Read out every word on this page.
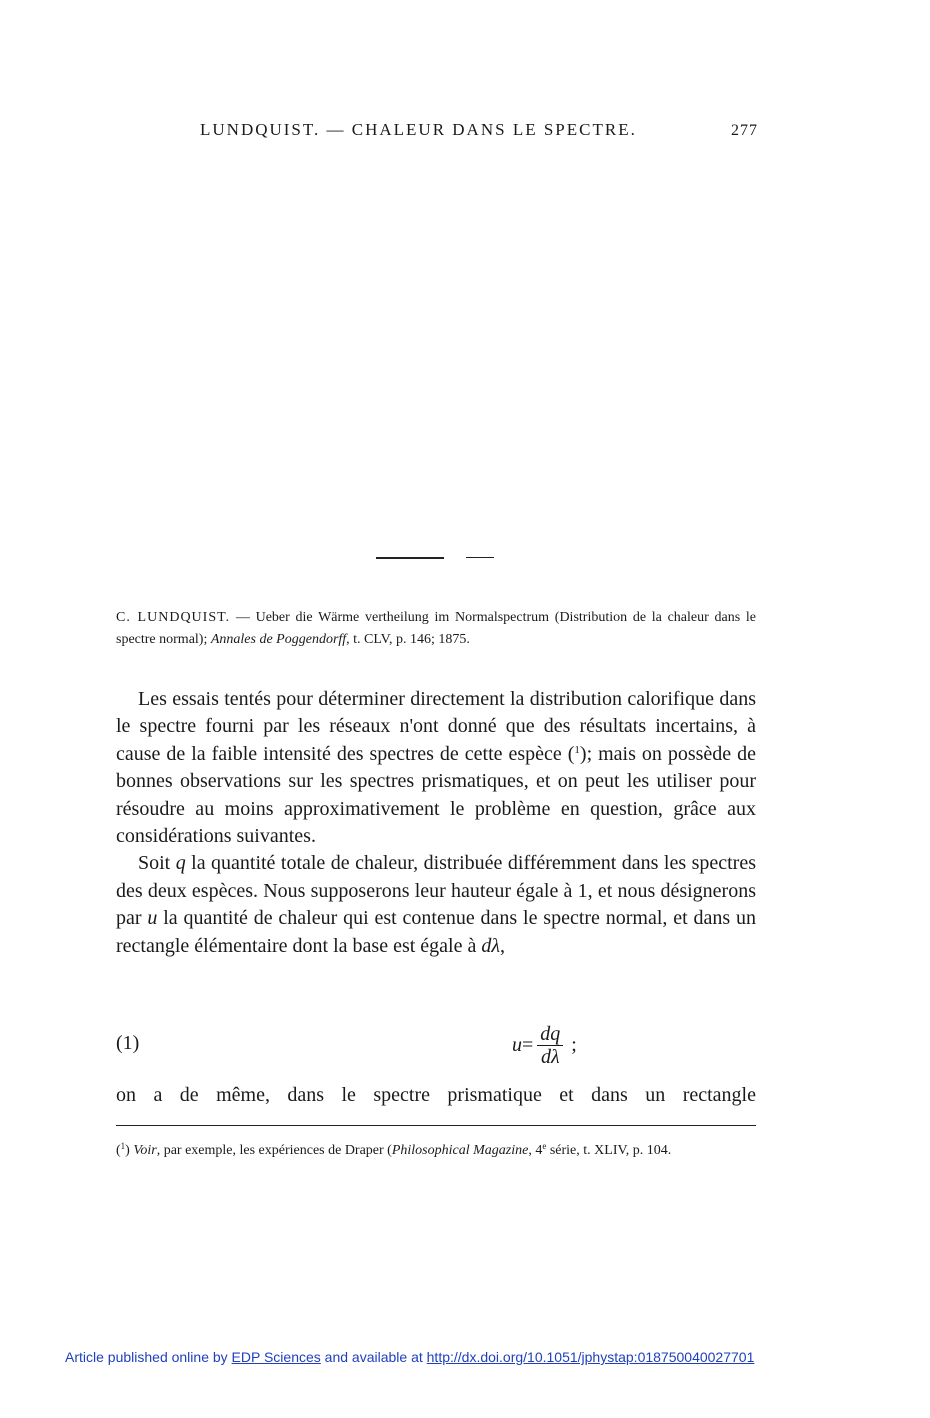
LUNDQUIST. — CHALEUR DANS LE SPECTRE.	277

C. LUNDQUIST. — Ueber die Wärme vertheilung im Normalspectrum (Distribution de la chaleur dans le spectre normal); Annales de Poggendorff, t. CLV, p. 146; 1875.

Les essais tentés pour déterminer directement la distribution calorifique dans le spectre fourni par les réseaux n'ont donné que des résultats incertains, à cause de la faible intensité des spectres de cette espèce ($^1$); mais on possède de bonnes observations sur les spectres prismatiques, et on peut les utiliser pour résoudre au moins approximativement le problème en question, grâce aux considérations suivantes.

Soit q la quantité totale de chaleur, distribuée différemment dans les spectres des deux espèces. Nous supposerons leur hauteur égale à 1, et nous désignerons par u la quantité de chaleur qui est contenue dans le spectre normal, et dans un rectangle élémentaire dont la base est égale à dλ,

(1)	$u = \frac{dq}{d\lambda}$ ;
on a de même, dans le spectre prismatique et dans un rectangle
($^1$) Voir, par exemple, les expériences de Draper (Philosophical Magazine, 4e série, t. XLIV, p. 104.
Article published online by EDP Sciences and available at http://dx.doi.org/10.1051/jphystap:018750040027701
